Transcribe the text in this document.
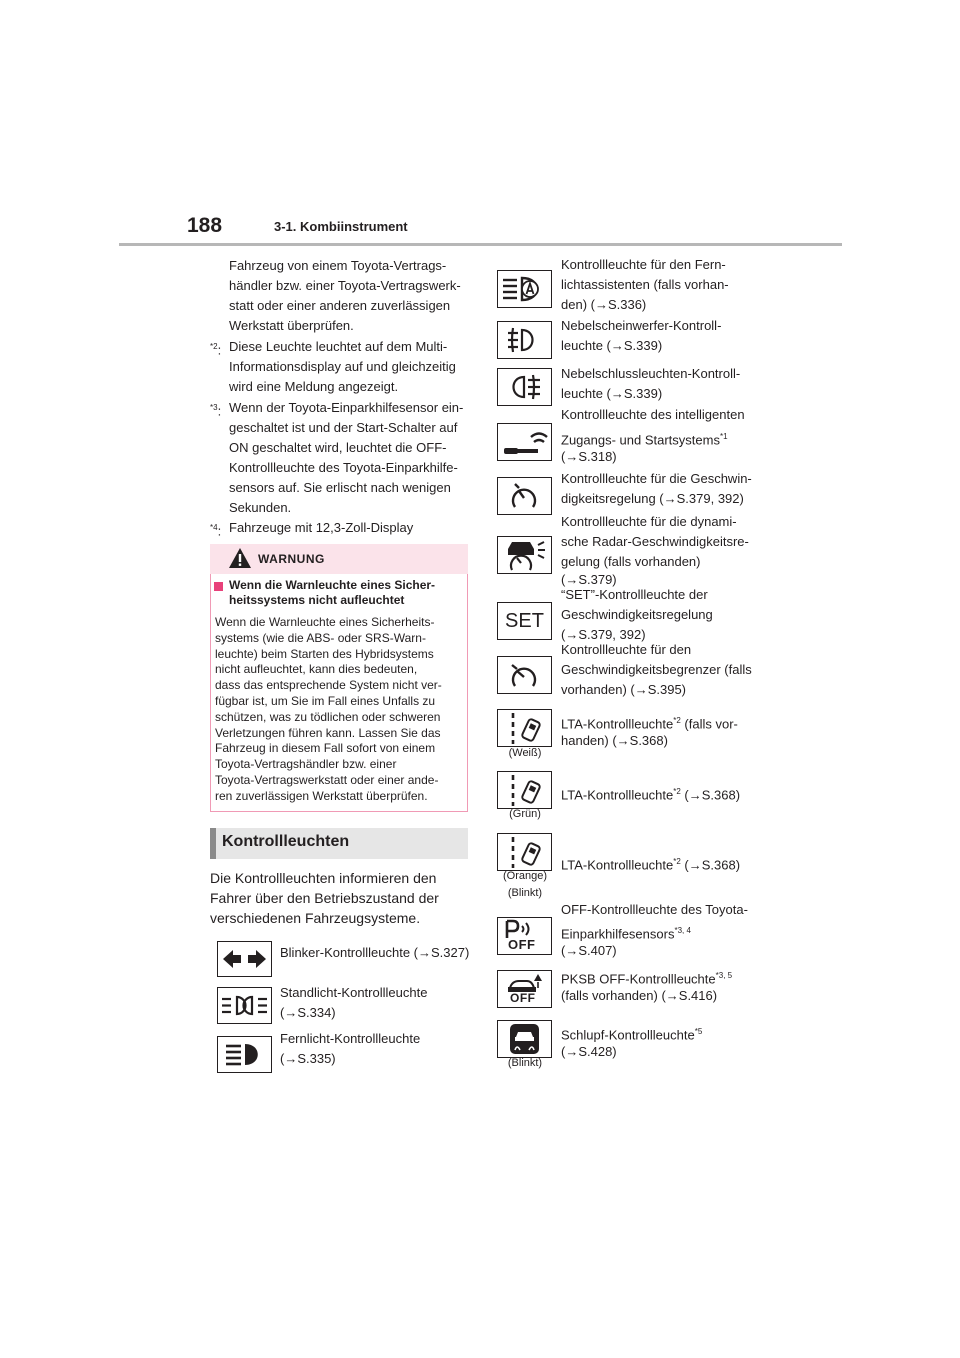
188	3-1. Kombiinstrument
Fahrzeug von einem Toyota-Vertrags-
händler bzw. einer Toyota-Vertragswerk-
statt oder einer anderen zuverlässigen
Werkstatt überprüfen.
$^{*2}$: Diese Leuchte leuchtet auf dem Multi-
Informationsdisplay auf und gleichzeitig
wird eine Meldung angezeigt.
$^{*3}$: Wenn der Toyota-Einparkhilfesensor ein-
geschaltet ist und der Start-Schalter auf
ON geschaltet wird, leuchtet die OFF-
Kontrollleuchte des Toyota-Einparkhilfe-
sensors auf. Sie erlischt nach wenigen
Sekunden.
$^{*4}$: Fahrzeuge mit 12,3-Zoll-Display
WARNUNG
Wenn die Warnleuchte eines Sicher-heitssystems nicht aufleuchtet
Wenn die Warnleuchte eines Sicherheits-
systems (wie die ABS- oder SRS-Warn-
leuchte) beim Starten des Hybridsystems
nicht aufleuchtet, kann dies bedeuten,
dass das entsprechende System nicht ver-
fügbar ist, um Sie im Fall eines Unfalls zu
schützen, was zu tödlichen oder schweren
Verletzungen führen kann. Lassen Sie das
Fahrzeug in diesem Fall sofort von einem
Toyota-Vertragshändler bzw. einer
Toyota-Vertragswerkstatt oder einer ande-
ren zuverlässigen Werkstatt überprüfen.
Kontrollleuchten
Die Kontrollleuchten informieren den
Fahrer über den Betriebszustand der
verschiedenen Fahrzeugsysteme.
Blinker-Kontrollleuchte (→S.327)
Standlicht-Kontrollleuchte
(→S.334)
Fernlicht-Kontrollleuchte
(→S.335)
Kontrollleuchte für den Fern-
lichtassistenten (falls vorhan-
den) (→S.336)
Nebelscheinwerfer-Kontroll-
leuchte (→S.339)
Nebelschlussleuchten-Kontroll-
leuchte (→S.339)
Kontrollleuchte des intelligenten
Zugangs- und Startsystems$^{*1}$
(→S.318)
Kontrollleuchte für die Geschwin-
digkeitsregelung (→S.379, 392)
Kontrollleuchte für die dynami-
sche Radar-Geschwindigkeitsre-
gelung (falls vorhanden)
(→S.379)
SET
“SET”-Kontrollleuchte der
Geschwindigkeitsregelung
(→S.379, 392)
Kontrollleuchte für den
Geschwindigkeitsbegrenzer (falls
vorhanden) (→S.395)
(Weiß)
LTA-Kontrollleuchte$^{*2}$ (falls vor-
handen) (→S.368)
(Grün)
LTA-Kontrollleuchte$^{*2}$ (→S.368)
(Orange)
(Blinkt)
LTA-Kontrollleuchte$^{*2}$ (→S.368)
OFF
OFF-Kontrollleuchte des Toyota-
Einparkhilfesensors$^{*3, 4}$
(→S.407)
OFF
PKSB OFF-Kontrollleuchte$^{*3, 5}$
(falls vorhanden) (→S.416)
(Blinkt)
Schlupf-Kontrollleuchte$^{*5}$
(→S.428)
